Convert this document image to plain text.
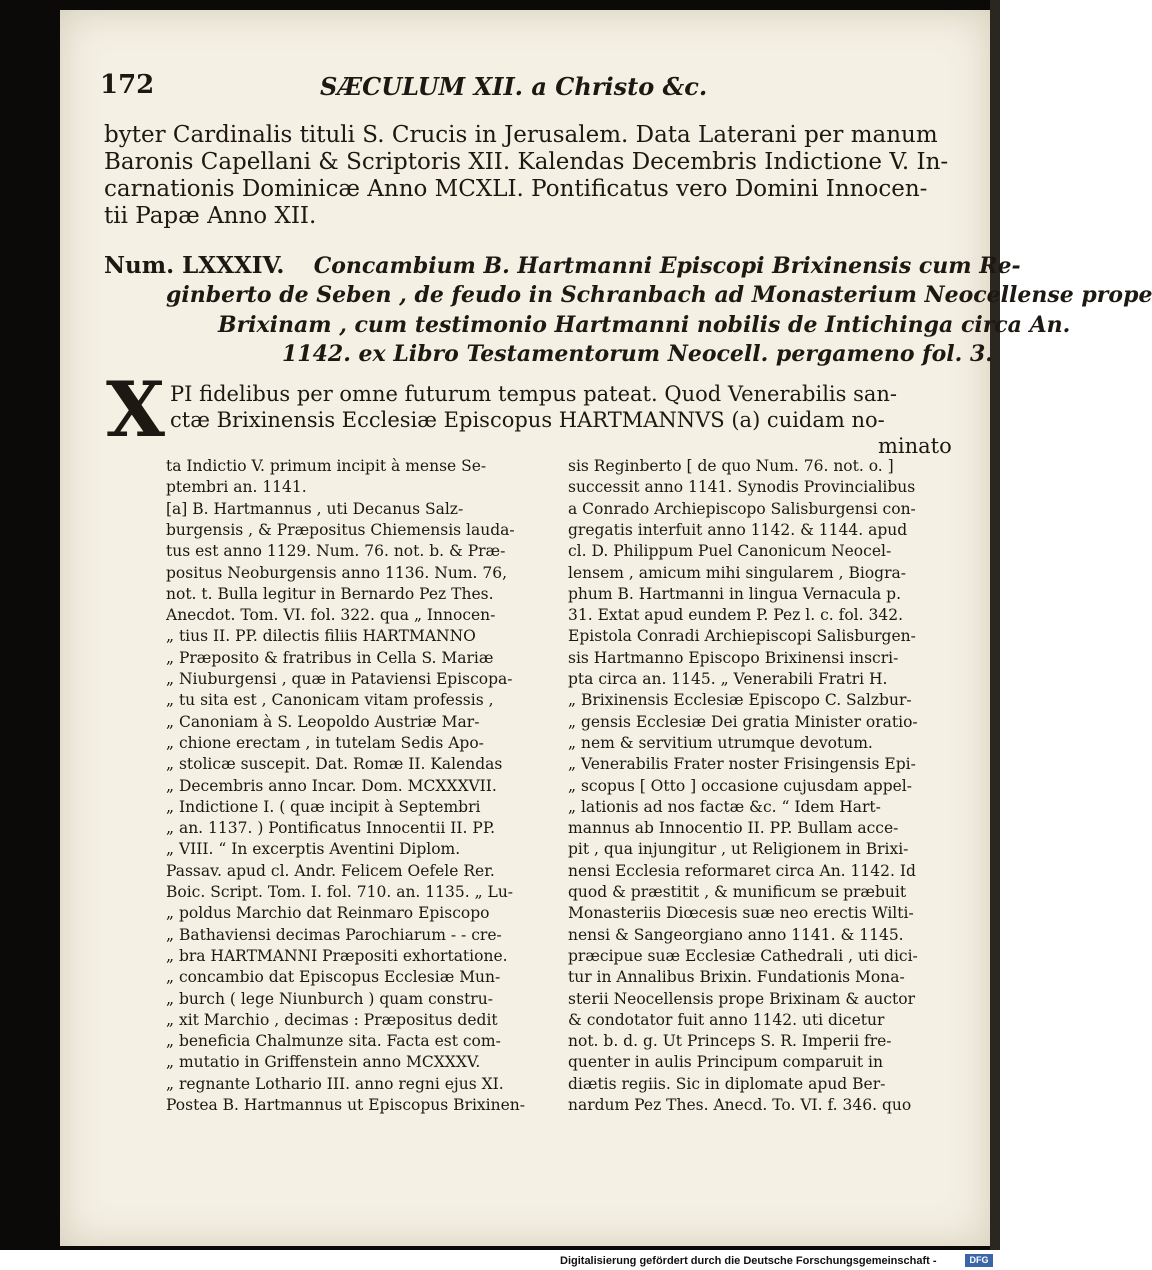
172	SÆCULUM XII. a Christo &c.
byter Cardinalis tituli S. Crucis in Jerusalem. Data Laterani per manum
Baronis Capellani & Scriptoris XII. Kalendas Decembris Indictione V. In-
carnationis Dominicæ Anno MCXLI. Pontificatus vero Domini Innocen-
tii Papæ Anno XII.
Num. LXXXIV. Concambium B. Hartmanni Episcopi Brixinensis cum Re-
ginberto de Seben , de feudo in Schranbach ad Monasterium Neocellense prope
Brixinam , cum testimonio Hartmanni nobilis de Intichinga circa An.
1142. ex Libro Testamentorum Neocell. pergameno fol. 3.
X PI fidelibus per omne futurum tempus pateat. Quod Venerabilis san-
ctæ Brixinensis Ecclesiæ Episcopus HARTMANNVS (a) cuidam no-
minato
ta Indictio V. primum incipit à mense Se-
ptembri an. 1141.
[a] B. Hartmannus , uti Decanus Salz-
burgensis , & Præpositus Chiemensis lauda-
tus est anno 1129. Num. 76. not. b. & Præ-
positus Neoburgensis anno 1136. Num. 76,
not. t. Bulla legitur in Bernardo Pez Thes.
Anecdot. Tom. VI. fol. 322. qua „ Innocen-
„ tius II. PP. dilectis filiis HARTMANNO
„ Præposito & fratribus in Cella S. Mariæ
„ Niuburgensi , quæ in Pataviensi Episcopa-
„ tu sita est , Canonicam vitam professis ,
„ Canoniam à S. Leopoldo Austriæ Mar-
„ chione erectam , in tutelam Sedis Apo-
„ stolicæ suscepit. Dat. Romæ II. Kalendas
„ Decembris anno Incar. Dom. MCXXXVII.
„ Indictione I. ( quæ incipit à Septembri
„ an. 1137. ) Pontificatus Innocentii II. PP.
„ VIII. “ In excerptis Aventini Diplom.
Passav. apud cl. Andr. Felicem Oefele Rer.
Boic. Script. Tom. I. fol. 710. an. 1135. „ Lu-
„ poldus Marchio dat Reinmaro Episcopo
„ Bathaviensi decimas Parochiarum - - cre-
„ bra HARTMANNI Præpositi exhortatione.
„ concambio dat Episcopus Ecclesiæ Mun-
„ burch ( lege Niunburch ) quam constru-
„ xit Marchio , decimas : Præpositus dedit
„ beneficia Chalmunze sita. Facta est com-
„ mutatio in Griffenstein anno MCXXXV.
„ regnante Lothario III. anno regni ejus XI.
Postea B. Hartmannus ut Episcopus Brixinen-
sis Reginberto [ de quo Num. 76. not. o. ]
successit anno 1141. Synodis Provincialibus
a Conrado Archiepiscopo Salisburgensi con-
gregatis interfuit anno 1142. & 1144. apud
cl. D. Philippum Puel Canonicum Neocel-
lensem , amicum mihi singularem , Biogra-
phum B. Hartmanni in lingua Vernacula p.
31. Extat apud eundem P. Pez l. c. fol. 342.
Epistola Conradi Archiepiscopi Salisburgen-
sis Hartmanno Episcopo Brixinensi inscri-
pta circa an. 1145. „ Venerabili Fratri H.
„ Brixinensis Ecclesiæ Episcopo C. Salzbur-
„ gensis Ecclesiæ Dei gratia Minister oratio-
„ nem & servitium utrumque devotum.
„ Venerabilis Frater noster Frisingensis Epi-
„ scopus [ Otto ] occasione cujusdam appel-
„ lationis ad nos factæ &c. “ Idem Hart-
mannus ab Innocentio II. PP. Bullam acce-
pit , qua injungitur , ut Religionem in Brixi-
nensi Ecclesia reformaret circa An. 1142. Id
quod & præstitit , & munificum se præbuit
Monasteriis Diœcesis suæ neo erectis Wilti-
nensi & Sangeorgiano anno 1141. & 1145.
præcipue suæ Ecclesiæ Cathedrali , uti dici-
tur in Annalibus Brixin. Fundationis Mona-
sterii Neocellensis prope Brixinam & auctor
& condotator fuit anno 1142. uti dicetur
not. b. d. g. Ut Princeps S. R. Imperii fre-
quenter in aulis Principum comparuit in
diætis regiis. Sic in diplomate apud Ber-
nardum Pez Thes. Anecd. To. VI. f. 346. quo
Digitalisierung gefördert durch die Deutsche Forschungsgemeinschaft -	DFG
